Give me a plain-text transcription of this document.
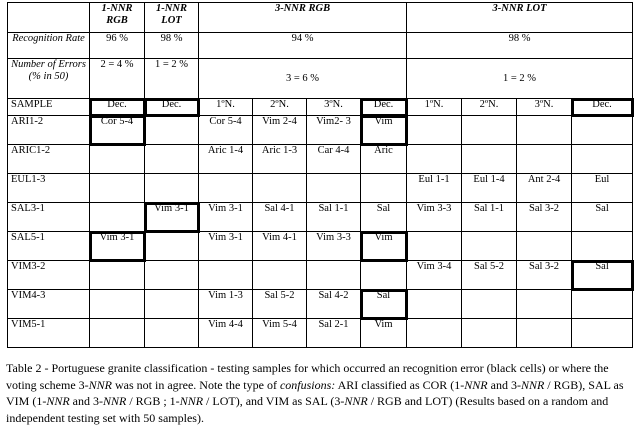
	1-NNR RGB	1-NNR LOT	3-NNR RGB				3-NNR LOT			
Recognition Rate	96 %	98 %	94 %				98 %			
Number of Errors (% in 50)	2 = 4 %	1 = 2 %	3 = 6 %				1 = 2 %			
SAMPLE	Dec.	Dec.	1ºN.	2ºN.	3ºN.	Dec.	1ºN.	2ºN.	3ºN.	Dec.
ARI1-2	Cor 5-4		Cor 5-4	Vim 2-4	Vim2- 3	Vim				
ARIC1-2			Aric 1-4	Aric 1-3	Car 4-4	Aric				
EUL1-3							Eul 1-1	Eul 1-4	Ant 2-4	Eul
SAL3-1		Vim 3-1	Vim 3-1	Sal 4-1	Sal 1-1	Sal	Vim 3-3	Sal 1-1	Sal 3-2	Sal
SAL5-1	Vim 3-1		Vim 3-1	Vim 4-1	Vim 3-3	Vim				
VIM3-2							Vim 3-4	Sal 5-2	Sal 3-2	Sal
VIM4-3			Vim 1-3	Sal 5-2	Sal 4-2	Sal				
VIM5-1			Vim 4-4	Vim 5-4	Sal 2-1	Vim				

Table 2 - Portuguese granite classification - testing samples for which occurred an recognition error (black cells) or where the voting scheme 3-NNR was not in agree. Note the type of confusions: ARI classified as COR (1-NNR and 3-NNR / RGB), SAL as VIM (1-NNR and 3-NNR / RGB ; 1-NNR / LOT), and VIM as SAL (3-NNR / RGB and LOT) (Results based on a random and independent testing set with 50 samples).
